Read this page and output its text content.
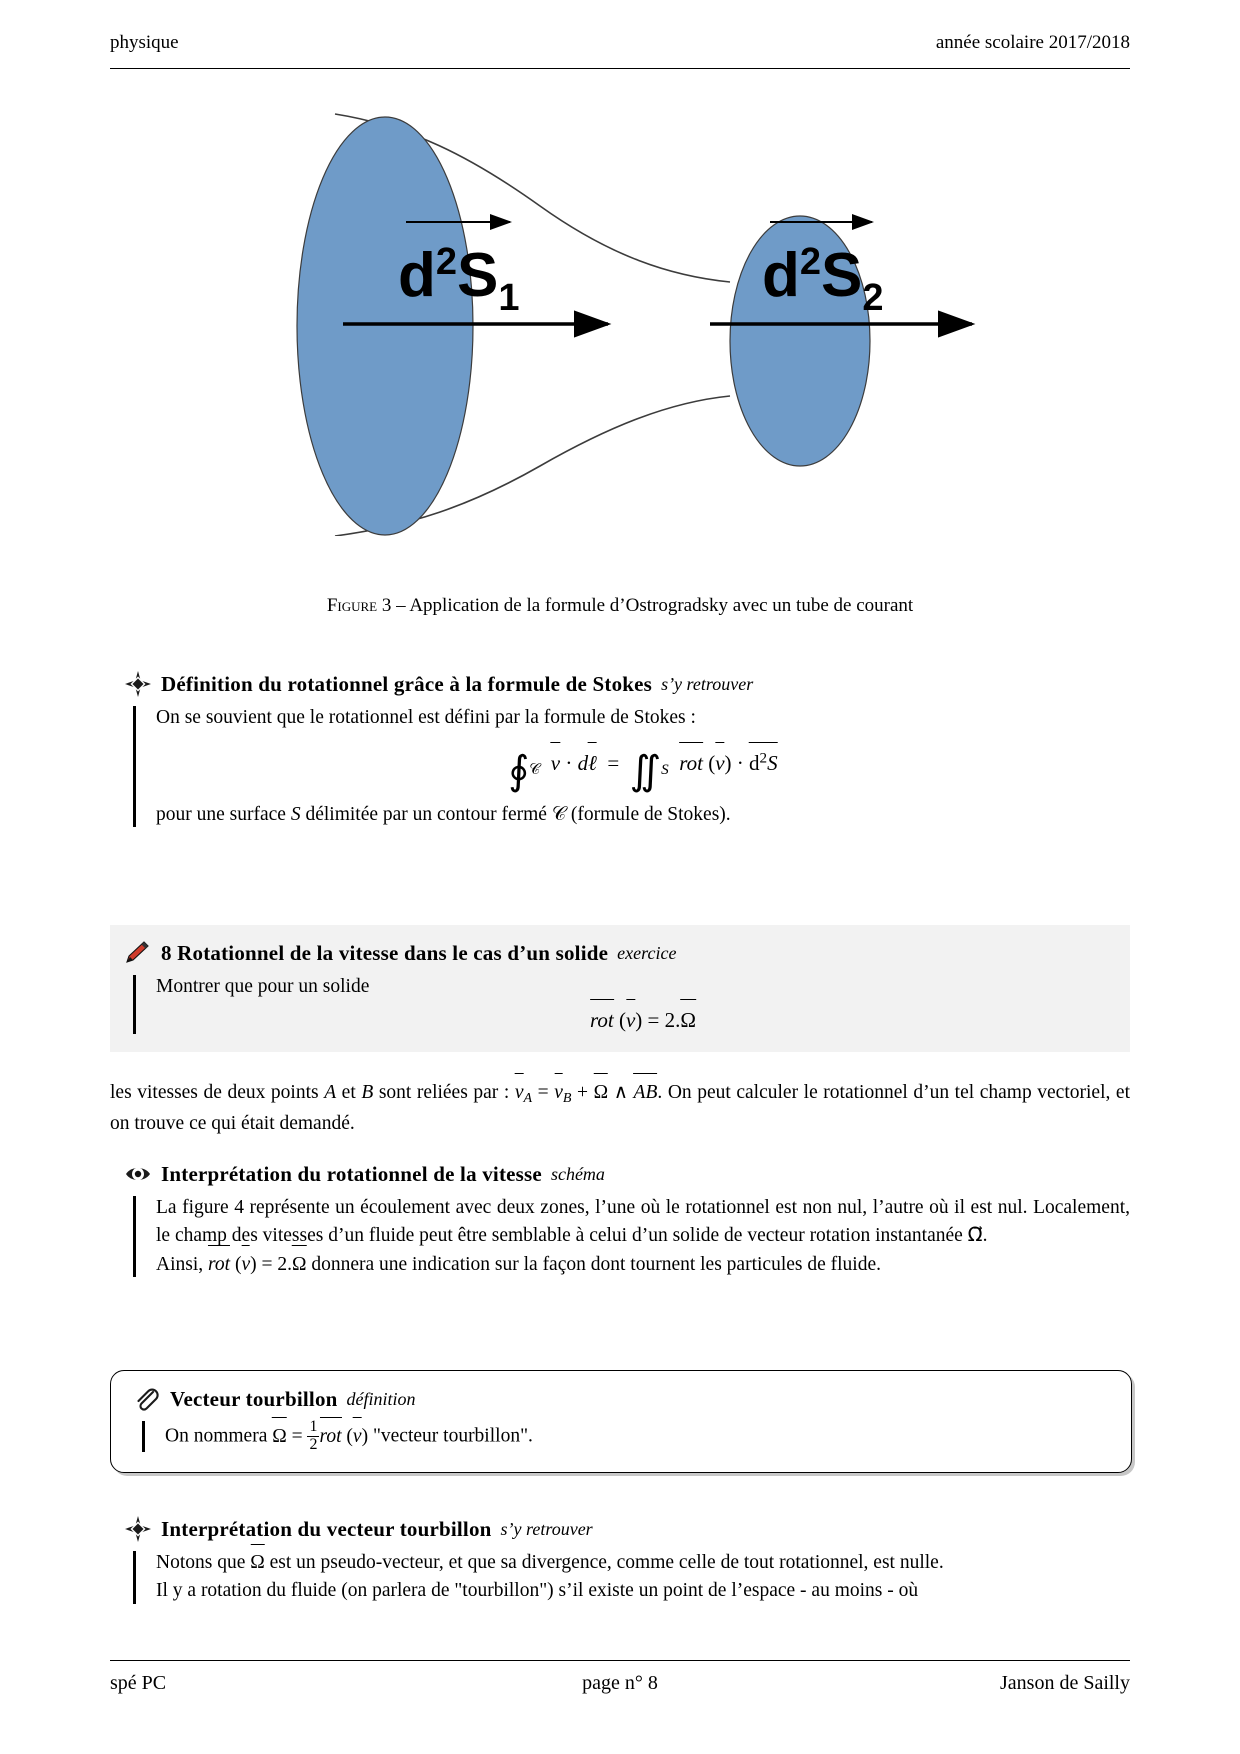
physique	année scolaire 2017/2018
$d^2S_1$	$d^2S_2$
Figure 3 – Application de la formule d’Ostrogradsky avec un tube de courant
Définition du rotationnel grâce à la formule de Stokes s’y retrouver
On se souvient que le rotationnel est défini par la formule de Stokes :
$∮_𝒞$ v · dℓ  =  $∬_S$ rot $(v) \cdot d^2S$
pour une surface S délimitée par un contour fermé 𝒞 (formule de Stokes).
8 Rotationnel de la vitesse dans le cas d’un solide exercice
Montrer que pour un solide
rot (v) = 2.Ω
les vitesses de deux points A et B sont reliées par : $v_A = v_B + \Omega$ ∧ AB. On peut calculer le rotationnel d’un tel champ vectoriel, et on trouve ce qui était demandé.
Interprétation du rotationnel de la vitesse schéma
La figure 4 représente un écoulement avec deux zones, l’une où le rotationnel est non nul, l’autre où il est nul. Localement, le champ des vitesses d’un fluide peut être semblable à celui d’un solide de vecteur rotation instantanée Ω⃗.
Ainsi, rot (v) = 2.Ω donnera une indication sur la façon dont tournent les particules de fluide.
Vecteur tourbillon définition
On nommera $\Omega = \frac{1}{2}$ rot (v) "vecteur tourbillon".
Interprétation du vecteur tourbillon s’y retrouver
Notons que Ω est un pseudo-vecteur, et que sa divergence, comme celle de tout rotationnel, est nulle.
Il y a rotation du fluide (on parlera de "tourbillon") s’il existe un point de l’espace - au moins - où
spé PC	Janson de Sailly
page n° 8
